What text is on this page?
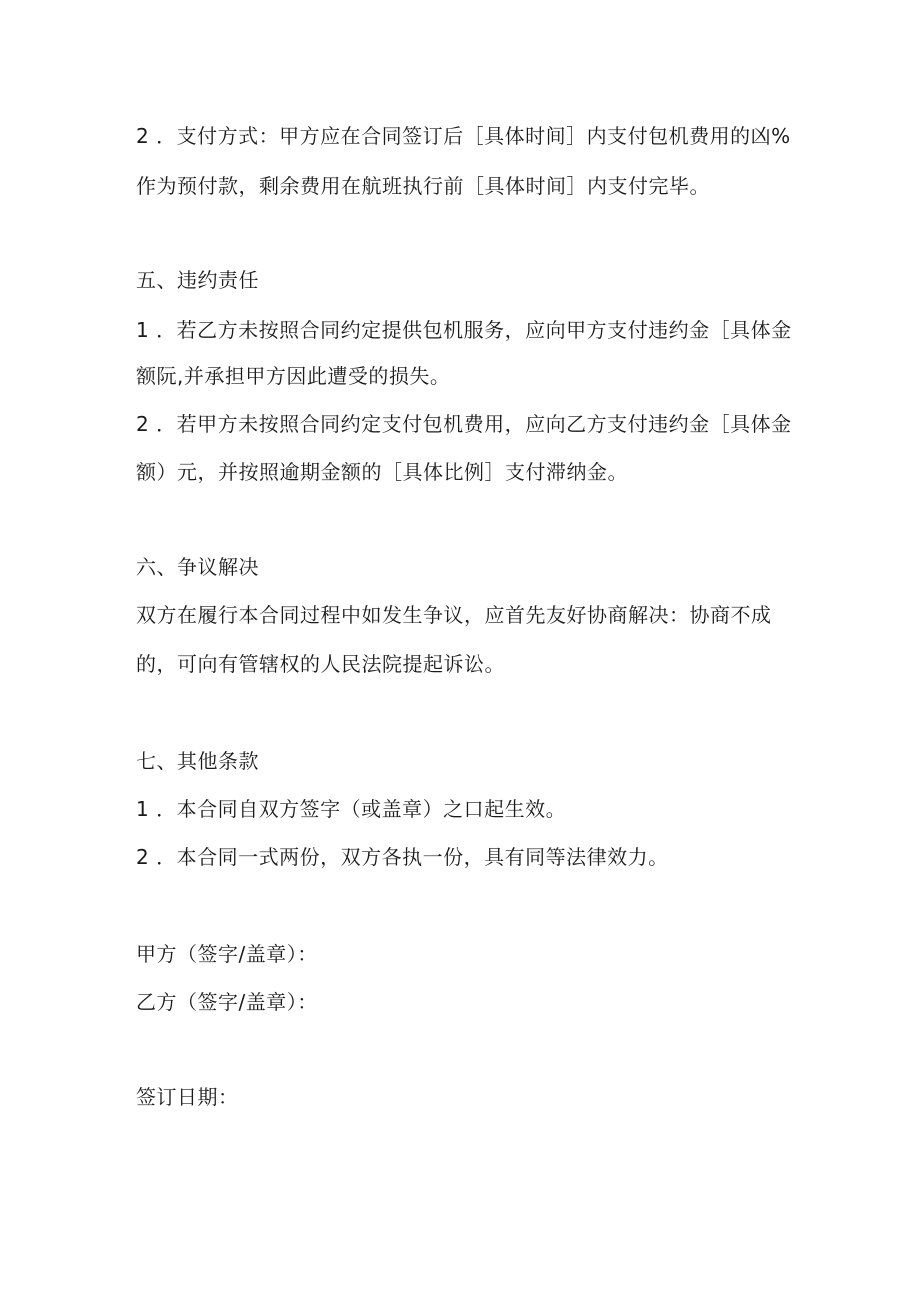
2 ．支付方式：甲方应在合同签订后［具体时间］内支付包机费用的凶%
作为预付款，剩余费用在航班执行前［具体时间］内支付完毕。
五、违约责任
1 ．若乙方未按照合同约定提供包机服务，应向甲方支付违约金［具体金
额阮,并承担甲方因此遭受的损失。
2 ．若甲方未按照合同约定支付包机费用，应向乙方支付违约金［具体金
额）元，并按照逾期金额的［具体比例］支付滞纳金。
六、争议解决
双方在履行本合同过程中如发生争议，应首先友好协商解决：协商不成
的，可向有管辖权的人民法院提起诉讼。
七、其他条款
1 ．本合同自双方签字（或盖章）之口起生效。
2 ．本合同一式两份，双方各执一份，具有同等法律效力。
甲方（签字/盖章）：
乙方（签字/盖章）：
签订日期：
